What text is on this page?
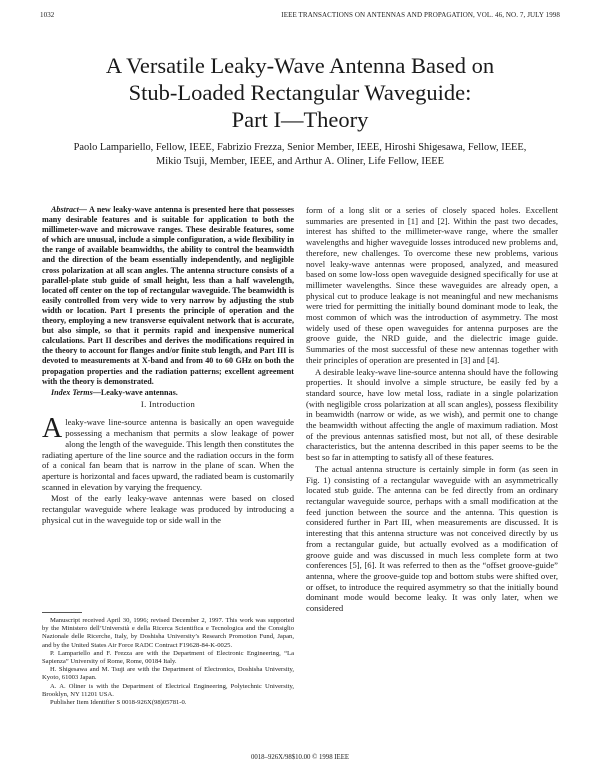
1032	IEEE TRANSACTIONS ON ANTENNAS AND PROPAGATION, VOL. 46, NO. 7, JULY 1998
A Versatile Leaky-Wave Antenna Based on
Stub-Loaded Rectangular Waveguide:
Part I—Theory
Paolo Lampariello, Fellow, IEEE, Fabrizio Frezza, Senior Member, IEEE, Hiroshi Shigesawa, Fellow, IEEE,
Mikio Tsuji, Member, IEEE, and Arthur A. Oliner, Life Fellow, IEEE

Abstract— A new leaky-wave antenna is presented here that possesses many desirable features and is suitable for application to both the millimeter-wave and microwave ranges. These desirable features, some of which are unusual, include a simple configuration, a wide flexibility in the range of available beamwidths, the ability to control the beamwidth and the direction of the beam essentially independently, and negligible cross polarization at all scan angles. The antenna structure consists of a parallel-plate stub guide of small height, less than a half wavelength, located off center on the top of rectangular waveguide. The beamwidth is easily controlled from very wide to very narrow by adjusting the stub width or location. Part I presents the principle of operation and the theory, employing a new transverse equivalent network that is accurate, but also simple, so that it permits rapid and inexpensive numerical calculations. Part II describes and derives the modifications required in the theory to account for flanges and/or finite stub length, and Part III is devoted to measurements at X-band and from 40 to 60 GHz on both the propagation properties and the radiation patterns; excellent agreement with the theory is demonstrated.

Index Terms—Leaky-wave antennas.

I. Introduction

Aleaky-wave line-source antenna is basically an open waveguide possessing a mechanism that permits a slow leakage of power along the length of the waveguide. This length then constitutes the radiating aperture of the line source and the radiation occurs in the form of a conical fan beam that is narrow in the plane of scan. When the aperture is horizontal and faces upward, the radiated beam is customarily scanned in elevation by varying the frequency.

Most of the early leaky-wave antennas were based on closed rectangular waveguide where leakage was produced by introducing a physical cut in the waveguide top or side wall in the

Manuscript received April 30, 1996; revised December 2, 1997. This work was supported by the Ministero dell’Università e della Ricerca Scientifica e Tecnologica and the Consiglio Nazionale delle Ricerche, Italy, by Doshisha University’s Research Promotion Fund, Japan, and by the United States Air Force RADC Contract F19628-84-K-0025.

P. Lampariello and F. Frezza are with the Department of Electronic Engineering, “La Sapienza” University of Rome, Rome, 00184 Italy.

H. Shigesawa and M. Tsuji are with the Department of Electronics, Doshisha University, Kyoto, 61003 Japan.

A. A. Oliner is with the Department of Electrical Engineering, Polytechnic University, Brooklyn, NY 11201 USA.

Publisher Item Identifier S 0018-926X(98)05781-0.

form of a long slit or a series of closely spaced holes. Excellent summaries are presented in [1] and [2]. Within the past two decades, interest has shifted to the millimeter-wave range, where the smaller wavelengths and higher waveguide losses introduced new problems and, therefore, new challenges. To overcome these new problems, various novel leaky-wave antennas were proposed, analyzed, and measured based on some low-loss open waveguide designed specifically for use at millimeter wavelengths. Since these waveguides are already open, a physical cut to produce leakage is not meaningful and new mechanisms were tried for permitting the initially bound dominant mode to leak, the most common of which was the introduction of asymmetry. The most widely used of these open waveguides for antenna purposes are the groove guide, the NRD guide, and the dielectric image guide. Summaries of the most successful of these new antennas together with their principles of operation are presented in [3] and [4].

A desirable leaky-wave line-source antenna should have the following properties. It should involve a simple structure, be easily fed by a standard source, have low metal loss, radiate in a single polarization (with negligible cross polarization at all scan angles), possess flexibility in beamwidth (narrow or wide, as we wish), and permit one to change the beamwidth without affecting the angle of maximum radiation. Most of the previous antennas satisfied most, but not all, of these desirable characteristics, but the antenna described in this paper seems to be the best so far in attempting to satisfy all of these features.

The actual antenna structure is certainly simple in form (as seen in Fig. 1) consisting of a rectangular waveguide with an asymmetrically located stub guide. The antenna can be fed directly from an ordinary rectangular waveguide source, perhaps with a small modification at the feed junction between the source and the antenna. This question is considered further in Part III, when measurements are discussed. It is interesting that this antenna structure was not conceived directly by us from a rectangular guide, but actually evolved as a modification of groove guide and was discussed in much less complete form at two conferences [5], [6]. It was referred to then as the “offset groove-guide” antenna, where the groove-guide top and bottom stubs were shifted over, or offset, to introduce the required asymmetry so that the initially bound dominant mode would become leaky. It was only later, when we considered

0018–926X/98$10.00 © 1998 IEEE
